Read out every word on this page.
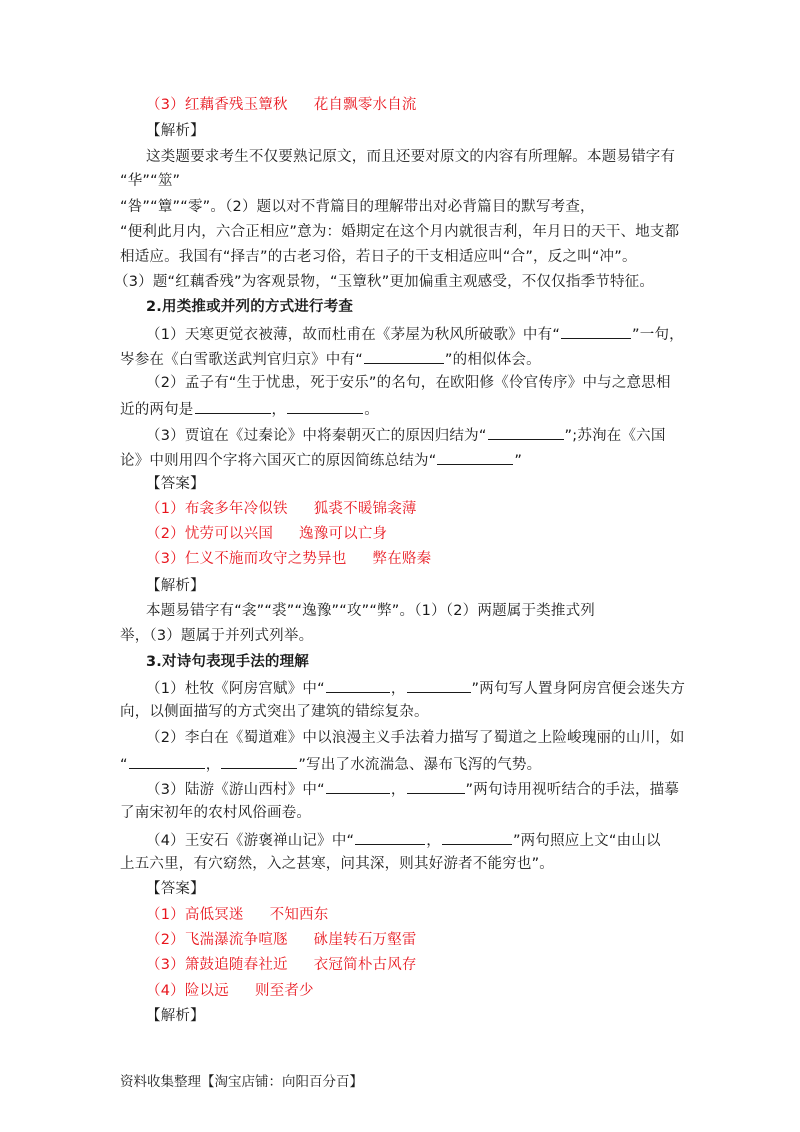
（3）红藕香残玉簟秋 花自飘零水自流
【解析】
这类题要求考生不仅要熟记原文，而且还要对原文的内容有所理解。本题易错字有
“华”“筮”
“咎”“簟”“零”。（2）题以对不背篇目的理解带出对必背篇目的默写考查，
“便利此月内，六合正相应”意为：婚期定在这个月内就很吉利，年月日的天干、地支都
相适应。我国有“择吉”的古老习俗，若日子的干支相适应叫“合”，反之叫“冲”。
（3）题“红藕香残”为客观景物，“玉簟秋”更加偏重主观感受，不仅仅指季节特征。
2.用类推或并列的方式进行考查
（1）天寒更觉衣被薄，故而杜甫在《茅屋为秋风所破歌》中有“	”一句，
岑参在《白雪歌送武判官归京》中有“	”的相似体会。
（2）孟子有“生于忧患，死于安乐”的名句，在欧阳修《伶官传序》中与之意思相
近的两句是	，	。
（3）贾谊在《过秦论》中将秦朝灭亡的原因归结为“	”;苏洵在《六国
论》中则用四个字将六国灭亡的原因简练总结为“	”
【答案】
（1）布衾多年冷似铁 狐裘不暖锦衾薄
（2）忧劳可以兴国 逸豫可以亡身
（3）仁义不施而攻守之势异也 弊在赂秦
【解析】
本题易错字有“衾”“裘”“逸豫”“攻”“弊”。（1）（2）两题属于类推式列
举，（3）题属于并列式列举。
3.对诗句表现手法的理解
（1）杜牧《阿房宫赋》中“	，	”两句写人置身阿房宫便会迷失方
向，以侧面描写的方式突出了建筑的错综复杂。
（2）李白在《蜀道难》中以浪漫主义手法着力描写了蜀道之上险峻瑰丽的山川，如
“	，	”写出了水流湍急、瀑布飞泻的气势。
（3）陆游《游山西村》中“	，	”两句诗用视听结合的手法，描摹
了南宋初年的农村风俗画卷。
（4）王安石《游褒禅山记》中“	，	”两句照应上文“由山以
上五六里，有穴窈然，入之甚寒，问其深，则其好游者不能穷也”。
【答案】
（1）高低冥迷 不知西东
（2）飞湍瀑流争喧豗 砯崖转石万壑雷
（3）箫鼓追随春社近 衣冠简朴古风存
（4）险以远 则至者少
【解析】
资料收集整理【淘宝店铺：向阳百分百】
